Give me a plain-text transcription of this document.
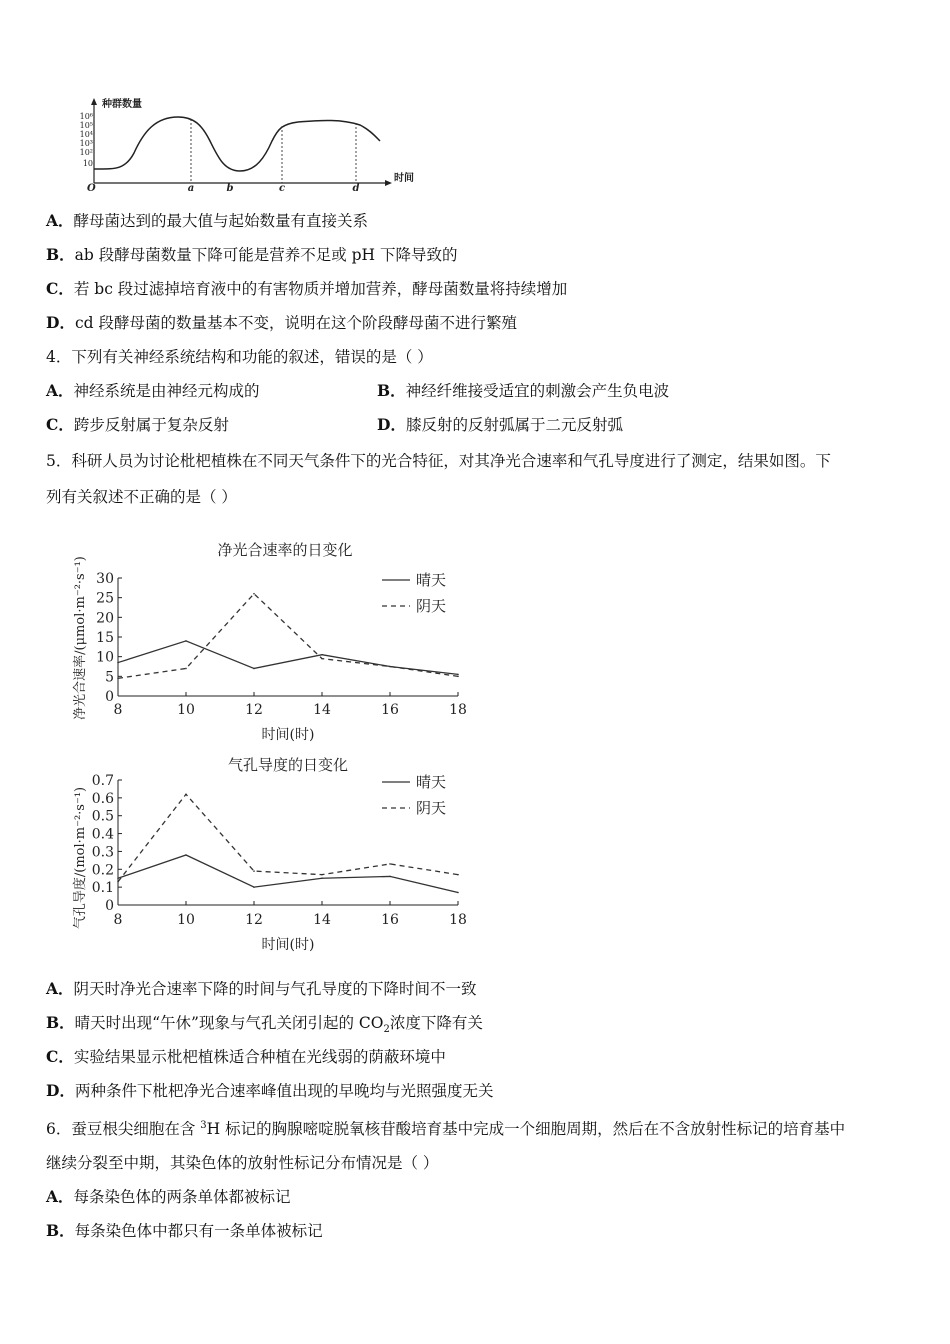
种群数量
时间
O
10⁶
10⁵
10⁴
10³
10²
10
a	b	c	d
A．酵母菌达到的最大值与起始数量有直接关系
B．ab 段酵母菌数量下降可能是营养不足或 pH 下降导致的
C．若 bc 段过滤掉培育液中的有害物质并增加营养，酵母菌数量将持续增加
D．cd 段酵母菌的数量基本不变，说明在这个阶段酵母菌不进行繁殖
4．下列有关神经系统结构和功能的叙述，错误的是（ ）
A．神经系统是由神经元构成的	B．神经纤维接受适宜的刺激会产生负电波
C．跨步反射属于复杂反射	D．膝反射的反射弧属于二元反射弧
5．科研人员为讨论枇杷植株在不同天气条件下的光合特征，对其净光合速率和气孔导度进行了测定，结果如图。下
列有关叙述不正确的是（ ）
净光合速率的日变化
净光合速率/(μmol·m⁻²·s⁻¹)
时间(时)
0
5
10
15
20
25
30
8	10	12	14	16	18
晴天
阴天
气孔导度的日变化
气孔导度/(mol·m⁻²·s⁻¹)
时间(时)
0
0.1
0.2
0.3
0.4
0.5
0.6
0.7
8	10	12	14	16	18
晴天
阴天
A．阴天时净光合速率下降的时间与气孔导度的下降时间不一致
B．晴天时出现“午休”现象与气孔关闭引起的 $CO_2$浓度下降有关
C．实验结果显示枇杷植株适合种植在光线弱的荫蔽环境中
D．两种条件下枇杷净光合速率峰值出现的早晚均与光照强度无关
6．蚕豆根尖细胞在含 $^3$H 标记的胸腺嘧啶脱氧核苷酸培育基中完成一个细胞周期，然后在不含放射性标记的培育基中
继续分裂至中期，其染色体的放射性标记分布情况是（ ）
A．每条染色体的两条单体都被标记
B．每条染色体中都只有一条单体被标记
